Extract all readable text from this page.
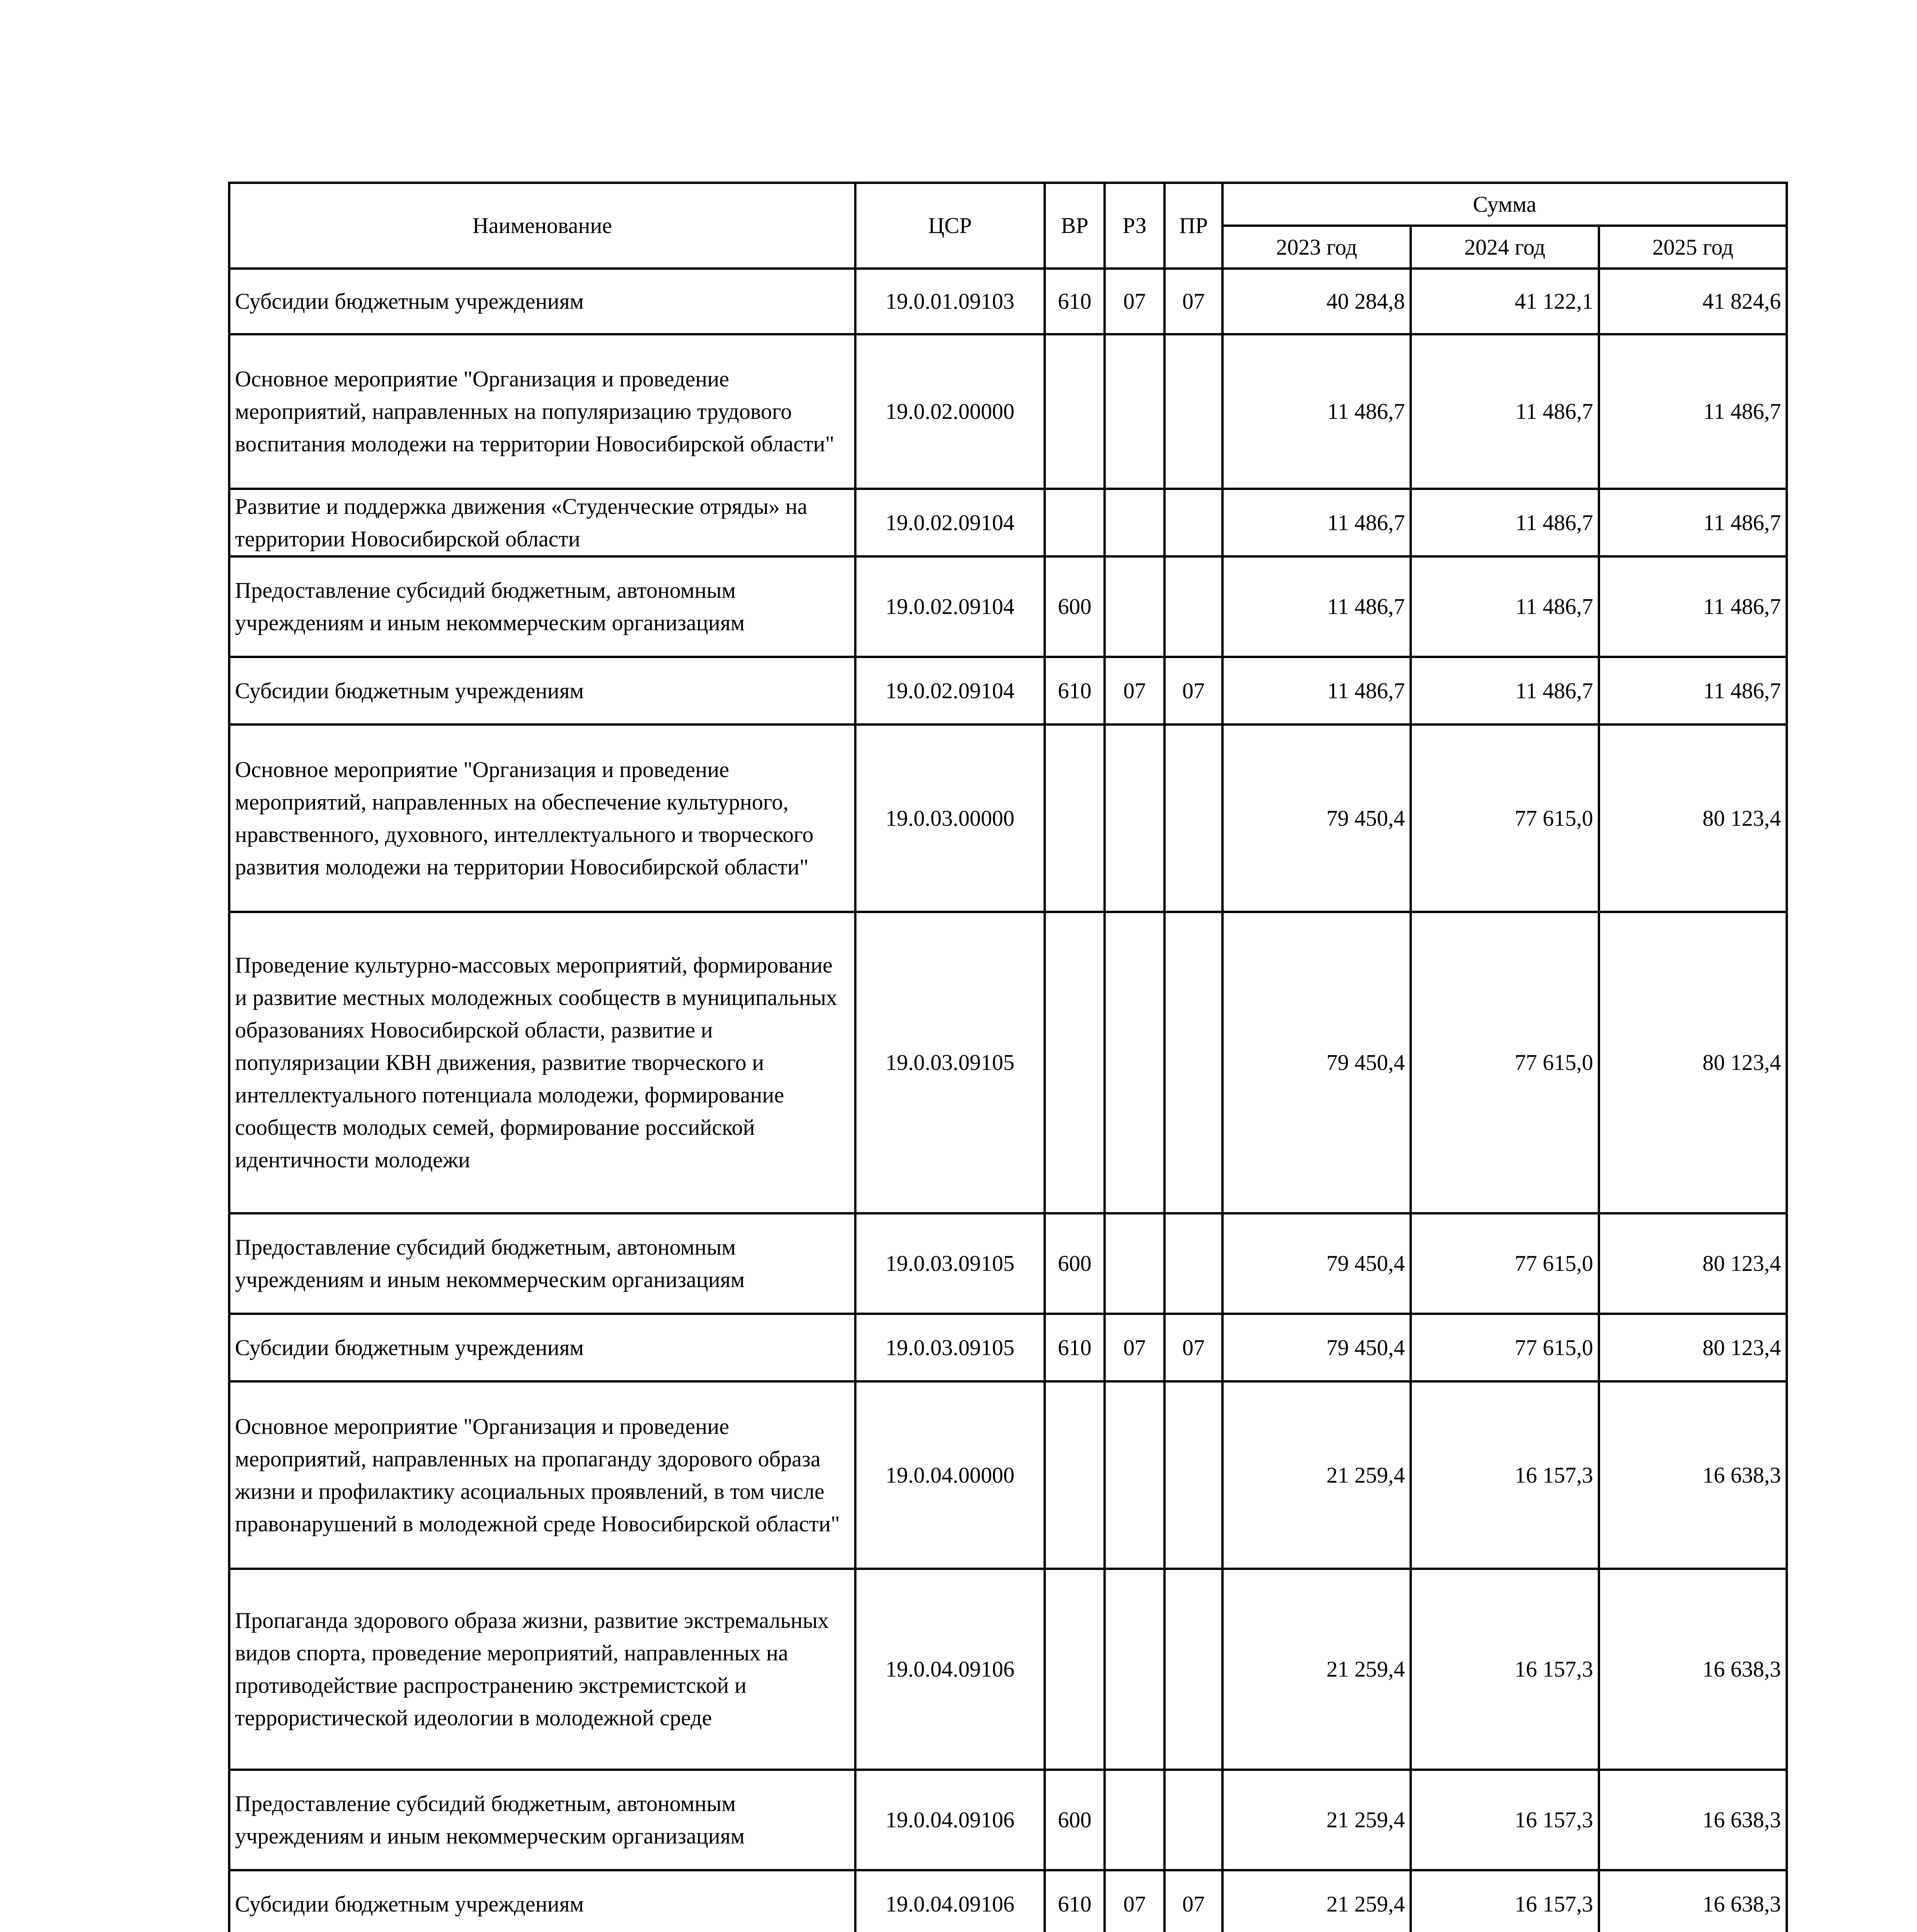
Наименование	ЦСР	ВР	РЗ	ПР	Сумма		
					2023 год	2024 год	2025 год
Субсидии бюджетным учреждениям	19.0.01.09103	610	07	07	40 284,8	41 122,1	41 824,6
Основное мероприятие "Организация и проведение мероприятий, направленных на популяризацию трудового воспитания молодежи на территории Новосибирской области"	19.0.02.00000				11 486,7	11 486,7	11 486,7
Развитие и поддержка движения «Студенческие отряды» на территории Новосибирской области	19.0.02.09104				11 486,7	11 486,7	11 486,7
Предоставление субсидий бюджетным, автономным учреждениям и иным некоммерческим организациям	19.0.02.09104	600			11 486,7	11 486,7	11 486,7
Субсидии бюджетным учреждениям	19.0.02.09104	610	07	07	11 486,7	11 486,7	11 486,7
Основное мероприятие "Организация и проведение мероприятий, направленных на обеспечение культурного, нравственного, духовного, интеллектуального и творческого развития молодежи на территории Новосибирской области"	19.0.03.00000				79 450,4	77 615,0	80 123,4
Проведение культурно-массовых мероприятий, формирование и развитие местных молодежных сообществ в муниципальных образованиях Новосибирской области, развитие и популяризации КВН движения, развитие творческого и интеллектуального потенциала молодежи, формирование сообществ молодых семей, формирование российской идентичности молодежи	19.0.03.09105				79 450,4	77 615,0	80 123,4
Предоставление субсидий бюджетным, автономным учреждениям и иным некоммерческим организациям	19.0.03.09105	600			79 450,4	77 615,0	80 123,4
Субсидии бюджетным учреждениям	19.0.03.09105	610	07	07	79 450,4	77 615,0	80 123,4
Основное мероприятие "Организация и проведение мероприятий, направленных на пропаганду здорового образа жизни и профилактику асоциальных проявлений, в том числе правонарушений в молодежной среде Новосибирской области"	19.0.04.00000				21 259,4	16 157,3	16 638,3
Пропаганда здорового образа жизни, развитие экстремальных видов спорта, проведение мероприятий, направленных на противодействие распространению экстремистской и террористической идеологии в молодежной среде	19.0.04.09106				21 259,4	16 157,3	16 638,3
Предоставление субсидий бюджетным, автономным учреждениям и иным некоммерческим организациям	19.0.04.09106	600			21 259,4	16 157,3	16 638,3
Субсидии бюджетным учреждениям	19.0.04.09106	610	07	07	21 259,4	16 157,3	16 638,3
